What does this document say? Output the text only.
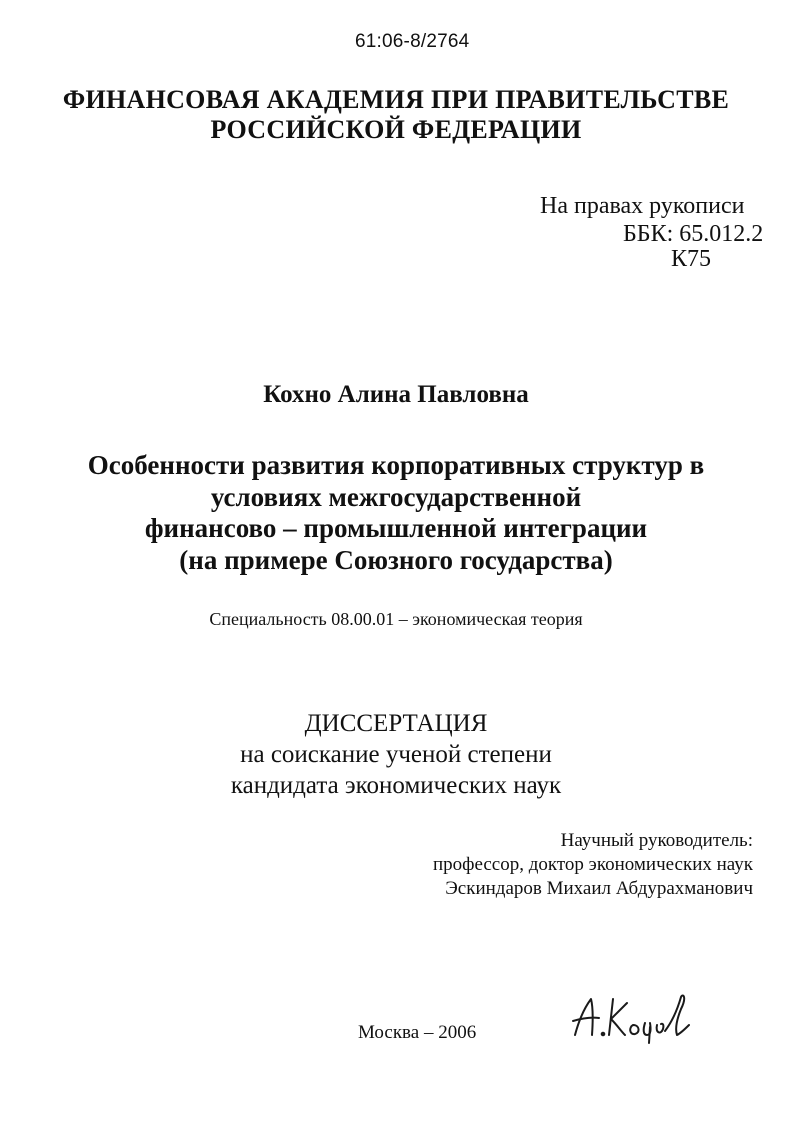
61:06-8/2764
ФИНАНСОВАЯ АКАДЕМИЯ ПРИ ПРАВИТЕЛЬСТВЕ
РОССИЙСКОЙ ФЕДЕРАЦИИ
На правах рукописи
ББК: 65.012.2
К75
Кохно Алина Павловна
Особенности развития корпоративных структур в
условиях межгосударственной
финансово – промышленной интеграции
(на примере Союзного государства)
Специальность 08.00.01 – экономическая теория
ДИССЕРТАЦИЯ
на соискание ученой степени
кандидата экономических наук
Научный руководитель:
профессор, доктор экономических наук
Эскиндаров Михаил Абдурахманович
Москва – 2006
